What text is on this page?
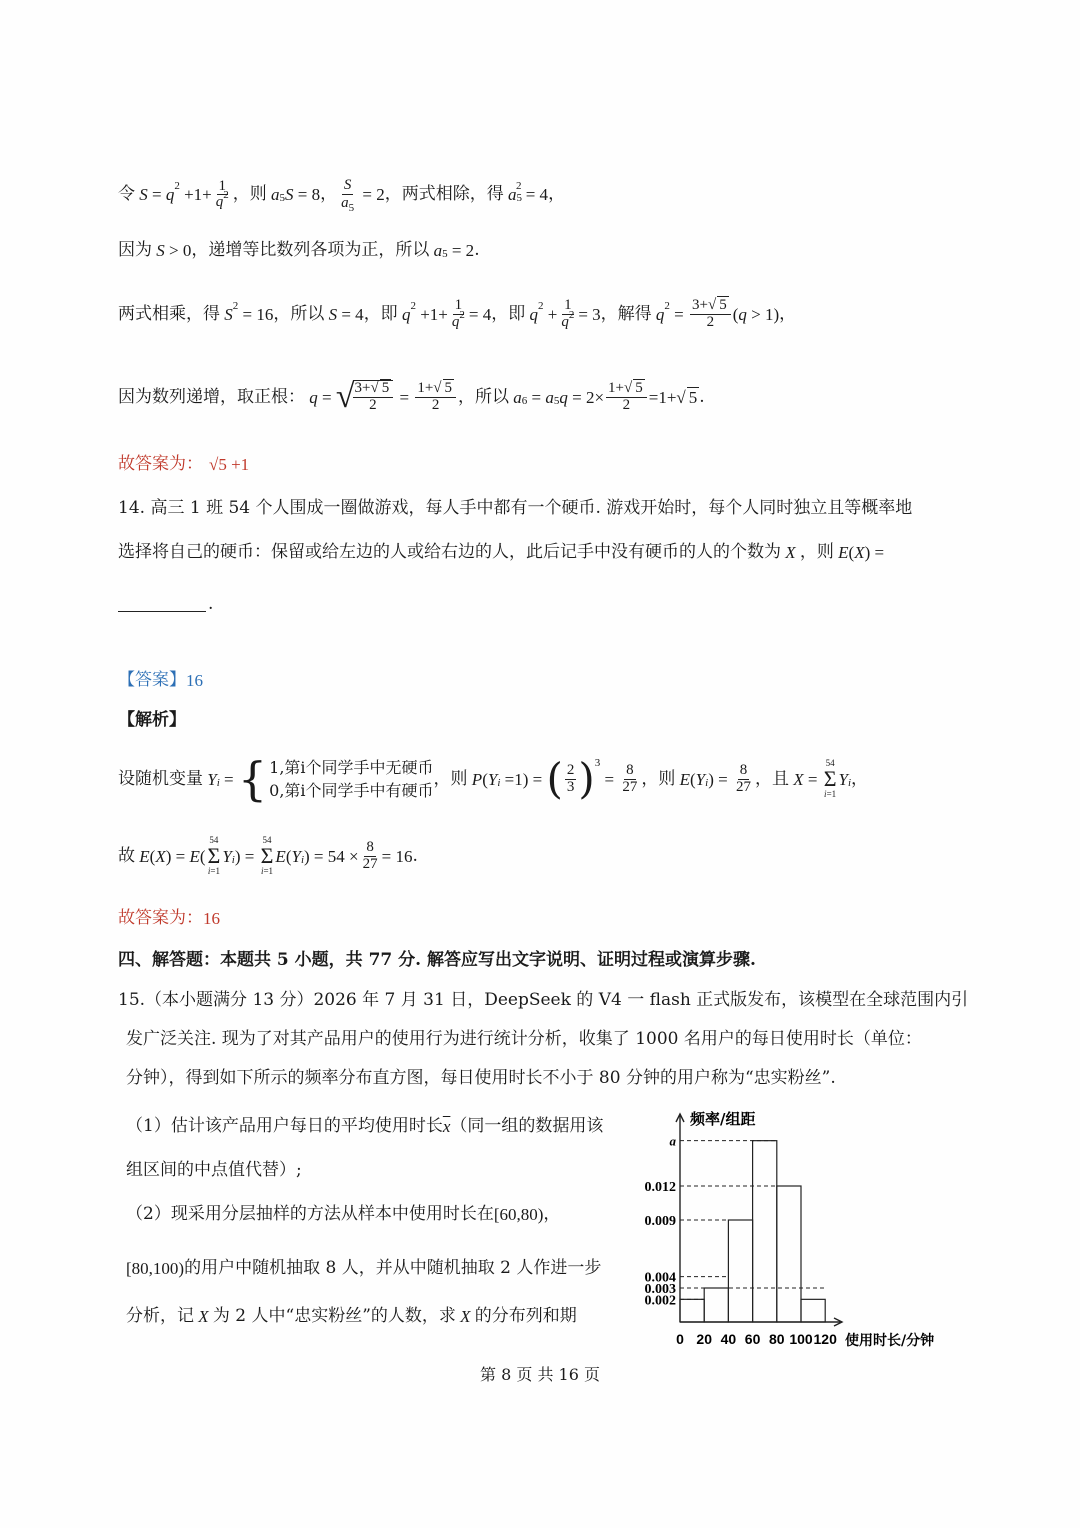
令 S = q $2 +1+ \frac{1}{q^2}$ ，则 a 5 S = 8 ， $\frac{S}{a_5} = 2$ ，两式相除，得 a 5
2 = 4 ，
因为 S > 0 ，递增等比数列各项为正，所以 a 5 = 2 .
两式相乘，得 S 2 = 16 ，所以 S = 4 ，即 q $2 +1+ \frac{1}{q^2} = 4$ ，即 q $2 + \frac{1}{q^2} = 3$ ，解得 q $2 = \frac{3+√ 5}{2}$ ( q > 1) ，
因为数列递增，取正根： q = √
$\frac{3+√ 5}{2} = \frac{1+√ 5}{2}$ ，所以 a 6 = a 5 $q = 2\times \frac{1+√ 5}{2} =1+√$ 5 .
故答案为： √5 +1
14. 高三 1 班 54 个人围成一圈做游戏，每人手中都有一个硬币. 游戏开始时，每个人同时独立且等概率地
选择将自己的硬币：保留或给左边的人或给右边的人，此后记手中没有硬币的人的个数为 X ，则 E ( X ) =
.
【答案】 16
【解析】
设随机变量 Y i = { 1,第i个同学手中无硬币
0,第i个同学手中有硬币
，则 P ( Y i =1) = ( $\frac{2}{3}$ ) 3
= $\frac{8}{27}$ ，则 E ( Y i ) = $\frac{8}{27}$ ，且 X =
54
Σ
i=1
Y i ，
故 E ( X ) = E (
54
Σ
i=1
Y i ) =
54
Σ
i=1
E ( Y i ) = $54 \times \frac{8}{27} = 16$ .
故答案为： 16
四、解答题：本题共 5 小题，共 77 分. 解答应写出文字说明、证明过程或演算步骤.
15.（本小题满分 13 分）2026 年 7 月 31 日，DeepSeek 的 V4 一 flash 正式版发布，该模型在全球范围内引
发广泛关注. 现为了对其产品用户的使用行为进行统计分析，收集了 1000 名用户的每日使用时长（单位：
分钟），得到如下所示的频率分布直方图，每日使用时长不小于 80 分钟的用户称为“忠实粉丝”.
（1）估计该产品用户每日的平均使用时长 $\overline{x}$ （同一组的数据用该
组区间的中点值代替）;
（2）现采用分层抽样的方法从样本中使用时长在 [60,80) ，
[80,100) 的用户中随机抽取 8 人，并从中随机抽取 2 人作进一步
分析，记 X 为 2 人中“忠实粉丝”的人数，求 X 的分布列和期
频率/组距
使用时长/分钟
a
0.012
0.009
0.004
0.003
0.002
0 20 40 60 80 100 120
第 8 页 共 16 页
